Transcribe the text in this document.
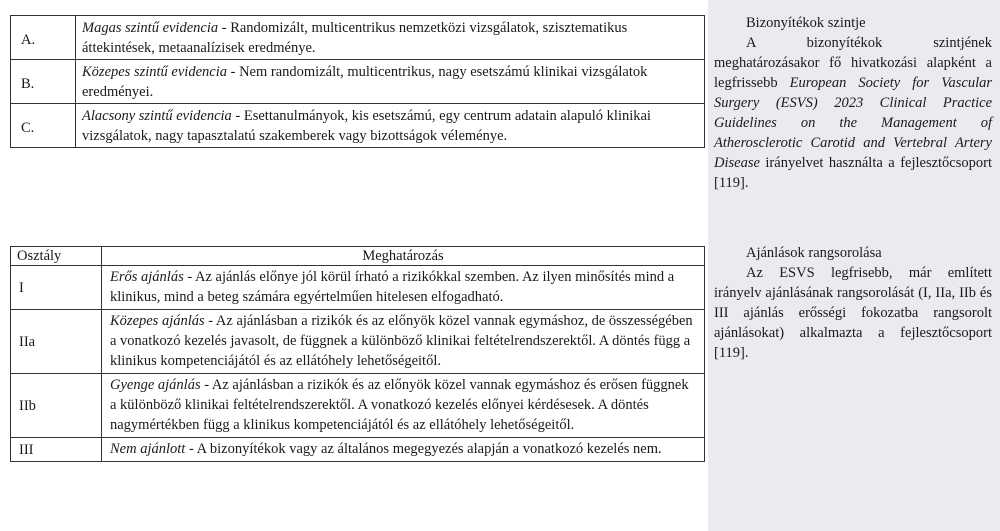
A.	Magas szintű evidencia - Randomizált, multicentrikus nemzetközi vizsgálatok, szisztematikus áttekintések, metaanalízisek eredménye.
B.	Közepes szintű evidencia - Nem randomizált, multicentrikus, nagy esetszámú klinikai vizsgálatok eredményei.
C.	Alacsony szintű evidencia - Esettanulmányok, kis esetszámú, egy centrum adatain alapuló klinikai vizsgálatok, nagy tapasztalatú szakemberek vagy bizottságok véleménye.
Osztály	Meghatározás
I	Erős ajánlás - Az ajánlás előnye jól körül írható a rizikókkal szemben. Az ilyen minősítés mind a klinikus, mind a beteg számára egyértelműen hitelesen elfogadható.
IIa	Közepes ajánlás - Az ajánlásban a rizikók és az előnyök közel vannak egymáshoz, de összességében a vonatkozó kezelés javasolt, de függnek a különböző klinikai feltételrendszerektől. A döntés függ a klinikus kompetenciájától és az ellátóhely lehetőségeitől.
IIb	Gyenge ajánlás - Az ajánlásban a rizikók és az előnyök közel vannak egymáshoz és erősen függnek a különböző klinikai feltételrendszerektől. A vonatkozó kezelés előnyei kérdésesek. A döntés nagymértékben függ a klinikus kompetenciájától és az ellátóhely lehetőségeitől.
III	Nem ajánlott - A bizonyítékok vagy az általános megegyezés alapján a vonatkozó kezelés nem.
Bizonyítékok szintje

A bizonyítékok szintjének meghatározásakor fő hivatkozási alapként a legfrissebb European Society for Vascular Surgery (ESVS) 2023 Clinical Practice Guidelines on the Management of Atherosclerotic Carotid and Vertebral Artery Disease irányelvet használta a fejlesztőcsoport [119].

Ajánlások rangsorolása

Az ESVS legfrisebb, már említett irányelv ajánlásának rangsorolását (I, IIa, IIb és III ajánlás erősségi fokozatba rangsorolt ajánlásokat) alkalmazta a fejlesztőcsoport [119].
